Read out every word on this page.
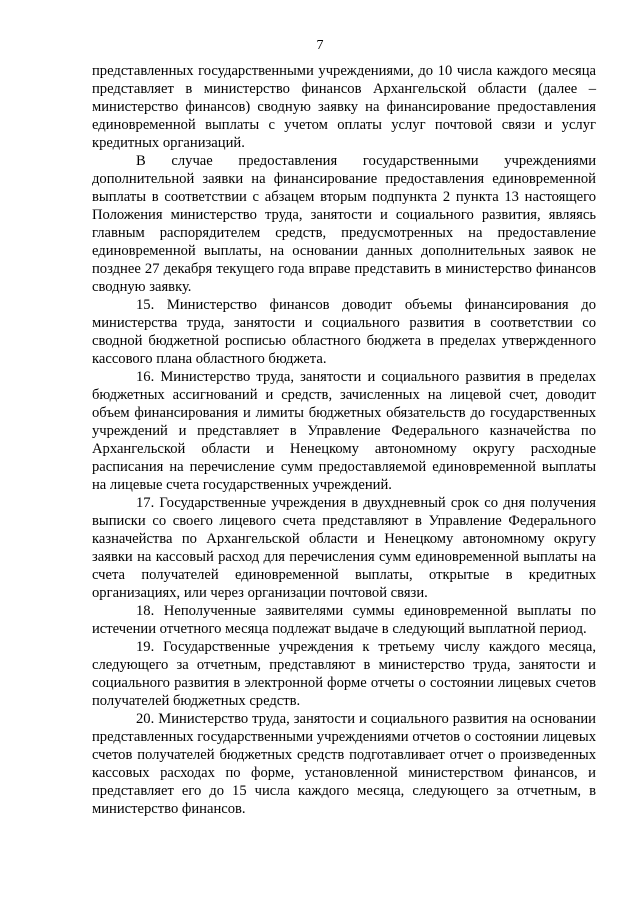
7

представленных государственными учреждениями, до 10 числа каждого месяца представляет в министерство финансов Архангельской области (далее – министерство финансов) сводную заявку на финансирование предоставления единовременной выплаты с учетом оплаты услуг почтовой связи и услуг кредитных организаций.

В случае предоставления государственными учреждениями дополнительной заявки на финансирование предоставления единовременной выплаты в соответствии с абзацем вторым подпункта 2 пункта 13 настоящего Положения министерство труда, занятости и социального развития, являясь главным распорядителем средств, предусмотренных на предоставление единовременной выплаты, на основании данных дополнительных заявок не позднее 27 декабря текущего года вправе представить в министерство финансов сводную заявку.

15. Министерство финансов доводит объемы финансирования до министерства труда, занятости и социального развития в соответствии со сводной бюджетной росписью областного бюджета в пределах утвержденного кассового плана областного бюджета.

16. Министерство труда, занятости и социального развития в пределах бюджетных ассигнований и средств, зачисленных на лицевой счет, доводит объем финансирования и лимиты бюджетных обязательств до государственных учреждений и представляет в Управление Федерального казначейства по Архангельской области и Ненецкому автономному округу расходные расписания на перечисление сумм предоставляемой единовременной выплаты на лицевые счета государственных учреждений.

17. Государственные учреждения в двухдневный срок со дня получения выписки со своего лицевого счета представляют в Управление Федерального казначейства по Архангельской области и Ненецкому автономному округу заявки на кассовый расход для перечисления сумм единовременной выплаты на счета получателей единовременной выплаты, открытые в кредитных организациях, или через организации почтовой связи.

18. Неполученные заявителями суммы единовременной выплаты по истечении отчетного месяца подлежат выдаче в следующий выплатной период.

19. Государственные учреждения к третьему числу каждого месяца, следующего за отчетным, представляют в министерство труда, занятости и социального развития в электронной форме отчеты о состоянии лицевых счетов получателей бюджетных средств.

20. Министерство труда, занятости и социального развития на основании представленных государственными учреждениями отчетов о состоянии лицевых счетов получателей бюджетных средств подготавливает отчет о произведенных кассовых расходах по форме, установленной министерством финансов, и представляет его до 15 числа каждого месяца, следующего за отчетным, в министерство финансов.
